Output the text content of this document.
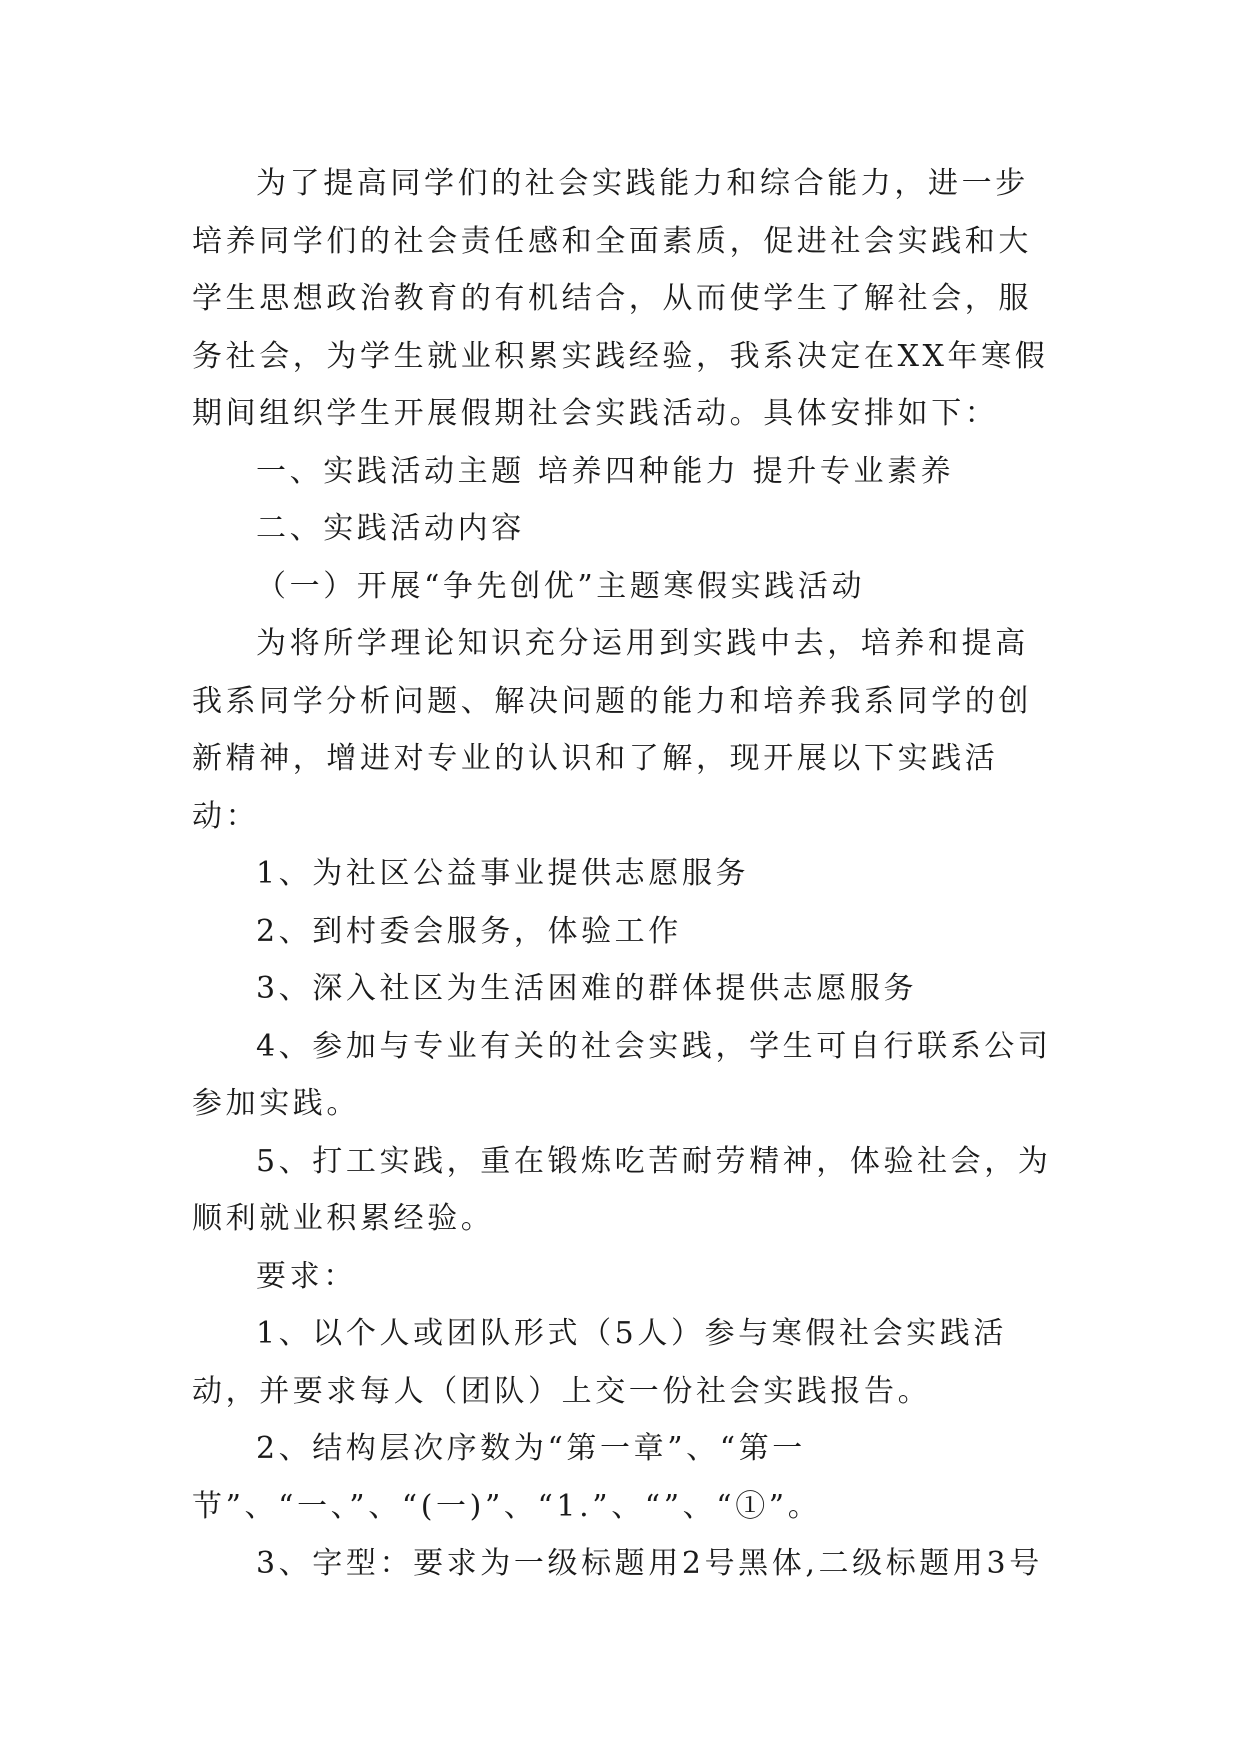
为了提高同学们的社会实践能力和综合能力，进一步培养同学们的社会责任感和全面素质，促进社会实践和大学生思想政治教育的有机结合，从而使学生了解社会，服务社会，为学生就业积累实践经验，我系决定在XX年寒假期间组织学生开展假期社会实践活动。具体安排如下：

一、实践活动主题 培养四种能力 提升专业素养

二、实践活动内容

（一）开展“争先创优”主题寒假实践活动

为将所学理论知识充分运用到实践中去，培养和提高我系同学分析问题、解决问题的能力和培养我系同学的创新精神，增进对专业的认识和了解，现开展以下实践活动：

1、为社区公益事业提供志愿服务

2、到村委会服务，体验工作

3、深入社区为生活困难的群体提供志愿服务

4、参加与专业有关的社会实践，学生可自行联系公司参加实践。

5、打工实践，重在锻炼吃苦耐劳精神，体验社会，为顺利就业积累经验。

要求：

1、以个人或团队形式（5人）参与寒假社会实践活动，并要求每人（团队）上交一份社会实践报告。

2、结构层次序数为“第一章”、“第一节”、“一、”、“(一)”、“1.”、“”、“①”。

3、字型：要求为一级标题用2号黑体,二级标题用3号
